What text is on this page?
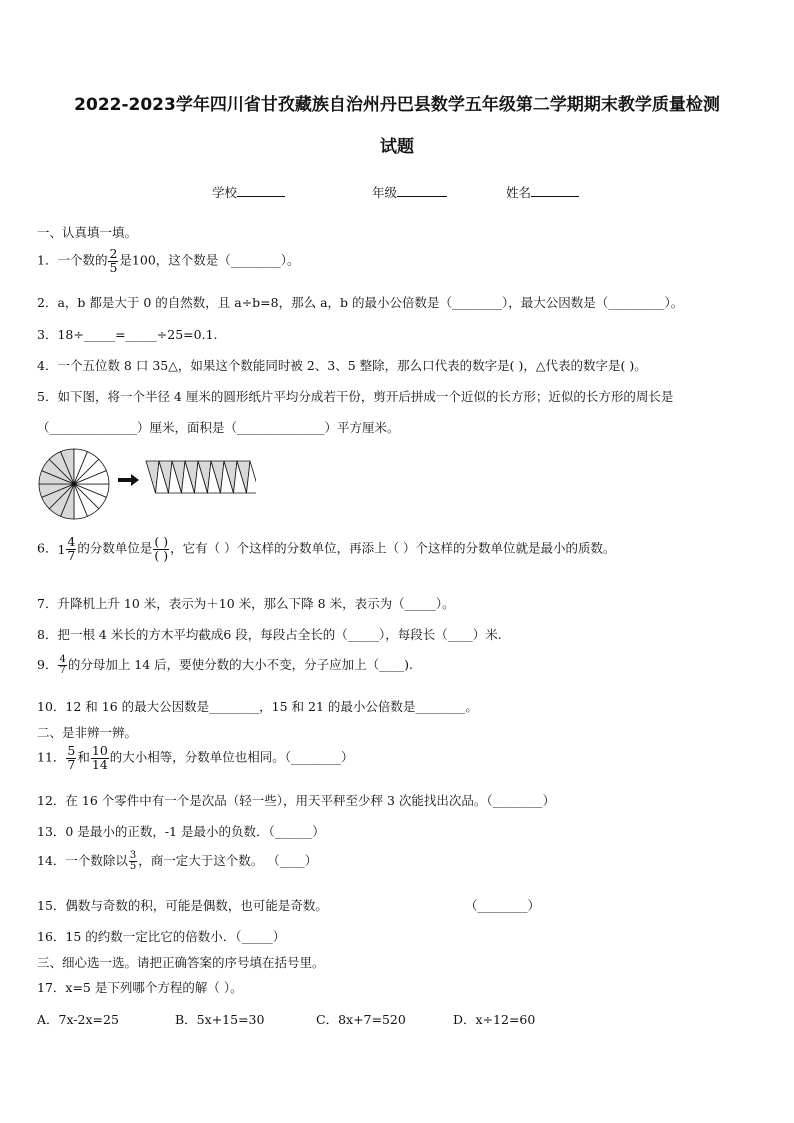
2022-2023学年四川省甘孜藏族自治州丹巴县数学五年级第二学期期末教学质量检测
试题
学校	年级	姓名
一、认真填一填。
1．一个数的 $\frac{2}{5}$ 是100，这个数是（________）。
2．a，b 都是大于 0 的自然数，且 a÷b=8，那么 a，b 的最小公倍数是（________），最大公因数是（_________）。
3．18÷_____=_____÷25=0.1.
4．一个五位数 8 口 35△，如果这个数能同时被 2、3、5 整除，那么口代表的数字是( )，△代表的数字是( )。
5．如下图，将一个半径 4 厘米的圆形纸片平均分成若干份，剪开后拼成一个近似的长方形；近似的长方形的周长是
（______________）厘米，面积是（______________）平方厘米。
6． $1 \frac{4}{7}$ 的分数单位是 $\frac{( )}{( )}$ ，它有（ ）个这样的分数单位，再添上（ ）个这样的分数单位就是最小的质数。
7．升降机上升 10 米，表示为＋10 米，那么下降 8 米，表示为（_____）。
8．把一根 4 米长的方木平均截成6 段，每段占全长的（_____），每段长（____）米.
9． $\frac{4}{7}$ 的分母加上 14 后，要使分数的大小不变，分子应加上（____).
10．12 和 16 的最大公因数是________，15 和 21 的最小公倍数是________。
二、是非辨一辨。
11． $\frac{5}{7}$ 和 $\frac{10}{14}$ 的大小相等，分数单位也相同。（________）
12．在 16 个零件中有一个是次品（轻一些），用天平秤至少秤 3 次能找出次品。（________）
13．0 是最小的正数，-1 是最小的负数．（______）
14．一个数除以 $\frac{3}{5}$ ，商一定大于这个数。 （____）
15．偶数与奇数的积，可能是偶数，也可能是奇数。	（________）
16．15 的约数一定比它的倍数小．（_____）
三、细心选一选。请把正确答案的序号填在括号里。
17．x=5 是下列哪个方程的解（ ）。
A．7x-2x=25	B．5x+15=30	C．8x+7=520	D．x÷12=60
